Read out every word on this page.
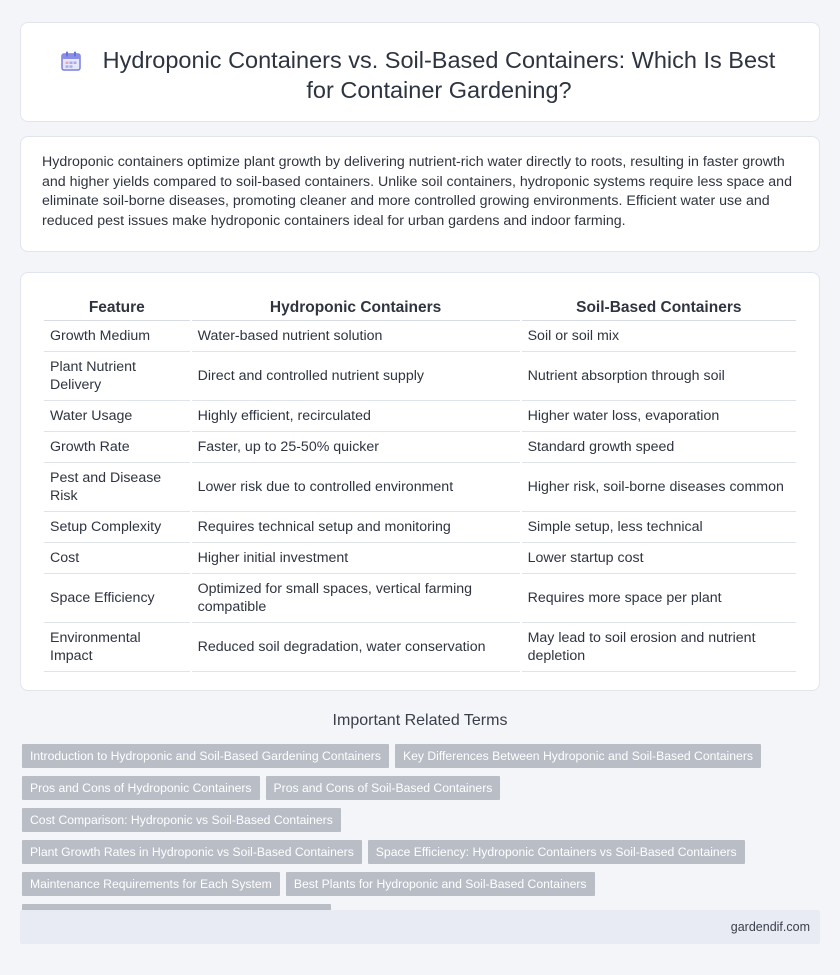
Hydroponic Containers vs. Soil-Based Containers: Which Is Best for Container Gardening?

Hydroponic containers optimize plant growth by delivering nutrient-rich water directly to roots, resulting in faster growth and higher yields compared to soil-based containers. Unlike soil containers, hydroponic systems require less space and eliminate soil-borne diseases, promoting cleaner and more controlled growing environments. Efficient water use and reduced pest issues make hydroponic containers ideal for urban gardens and indoor farming.

Feature	Hydroponic Containers	Soil-Based Containers
Growth Medium	Water-based nutrient solution	Soil or soil mix
Plant Nutrient Delivery	Direct and controlled nutrient supply	Nutrient absorption through soil
Water Usage	Highly efficient, recirculated	Higher water loss, evaporation
Growth Rate	Faster, up to 25-50% quicker	Standard growth speed
Pest and Disease Risk	Lower risk due to controlled environment	Higher risk, soil-borne diseases common
Setup Complexity	Requires technical setup and monitoring	Simple setup, less technical
Cost	Higher initial investment	Lower startup cost
Space Efficiency	Optimized for small spaces, vertical farming compatible	Requires more space per plant
Environmental Impact	Reduced soil degradation, water conservation	May lead to soil erosion and nutrient depletion
Important Related Terms
Introduction to Hydroponic and Soil-Based Gardening Containers Key Differences Between Hydroponic and Soil-Based Containers
Pros and Cons of Hydroponic Containers Pros and Cons of Soil-Based ContainersCost Comparison: Hydroponic vs Soil-Based Containers
Plant Growth Rates in Hydroponic vs Soil-Based Containers Space Efficiency: Hydroponic Containers vs Soil-Based Containers
Maintenance Requirements for Each System Best Plants for Hydroponic and Soil-Based Containers

gardendif.com
